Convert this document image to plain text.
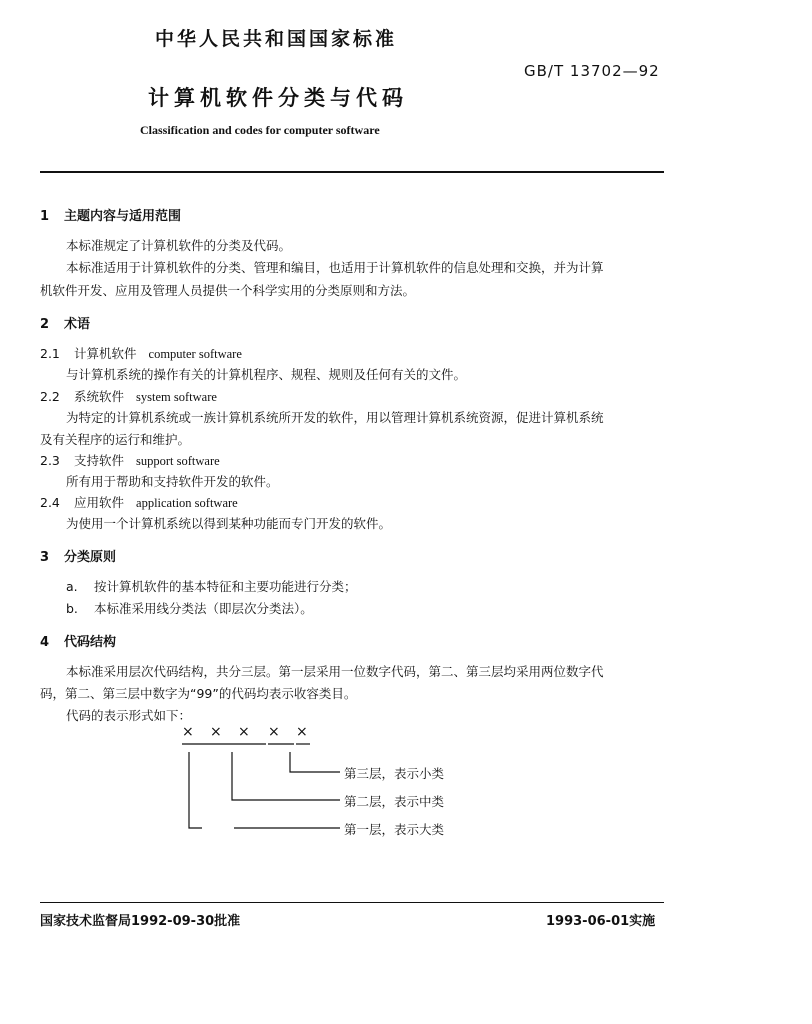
中华人民共和国国家标准
GB/T 13702—92
计算机软件分类与代码
Classification and codes for computer software
1 主题内容与适用范围
本标准规定了计算机软件的分类及代码。
本标准适用于计算机软件的分类、管理和编目，也适用于计算机软件的信息处理和交换，并为计算
机软件开发、应用及管理人员提供一个科学实用的分类原则和方法。
2 术语
2.1 计算机软件 computer software
与计算机系统的操作有关的计算机程序、规程、规则及任何有关的文件。
2.2 系统软件 system software
为特定的计算机系统或一族计算机系统所开发的软件，用以管理计算机系统资源，促进计算机系统
及有关程序的运行和维护。
2.3 支持软件 support software
所有用于帮助和支持软件开发的软件。
2.4 应用软件 application software
为使用一个计算机系统以得到某种功能而专门开发的软件。
3 分类原则
a. 按计算机软件的基本特征和主要功能进行分类；
b. 本标准采用线分类法（即层次分类法）。
4 代码结构
本标准采用层次代码结构，共分三层。第一层采用一位数字代码，第二、第三层均采用两位数字代
码，第二、第三层中数字为“99”的代码均表示收容类目。
代码的表示形式如下：
× × × × ×
第三层，表示小类
第二层，表示中类
第一层，表示大类
国家技术监督局1992-09-30批准	1993-06-01实施
